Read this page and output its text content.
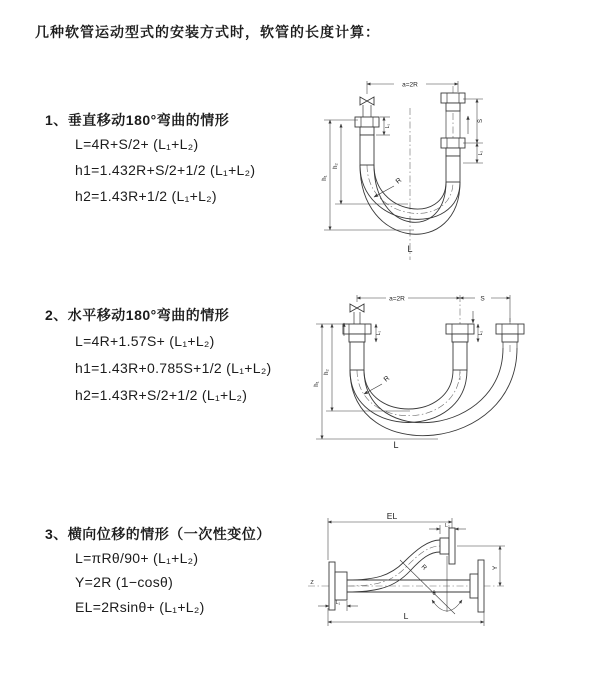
几种软管运动型式的安装方式时，软管的长度计算：
1、垂直移动180°弯曲的情形
L=4R+S/2+ (L₁+L₂)
h1=1.432R+S/2+1/2 (L₁+L₂)
h2=1.43R+1/2 (L₁+L₂)
2、水平移动180°弯曲的情形
L=4R+1.57S+ (L₁+L₂)
h1=1.43R+0.785S+1/2 (L₁+L₂)
h2=1.43R+S/2+1/2 (L₁+L₂)
3、横向位移的情形（一次性变位）
L=πRθ/90+ (L₁+L₂)
Y=2R (1−cosθ)
EL=2Rsinθ+ (L₁+L₂)
a=2R
h₁
h₂
L₁
S
L₂
R
L
a=2R	S
h₁
h₂
L₁	L₂
R
L
Z
θ
R
EL
L₂
Y
L
L₁
